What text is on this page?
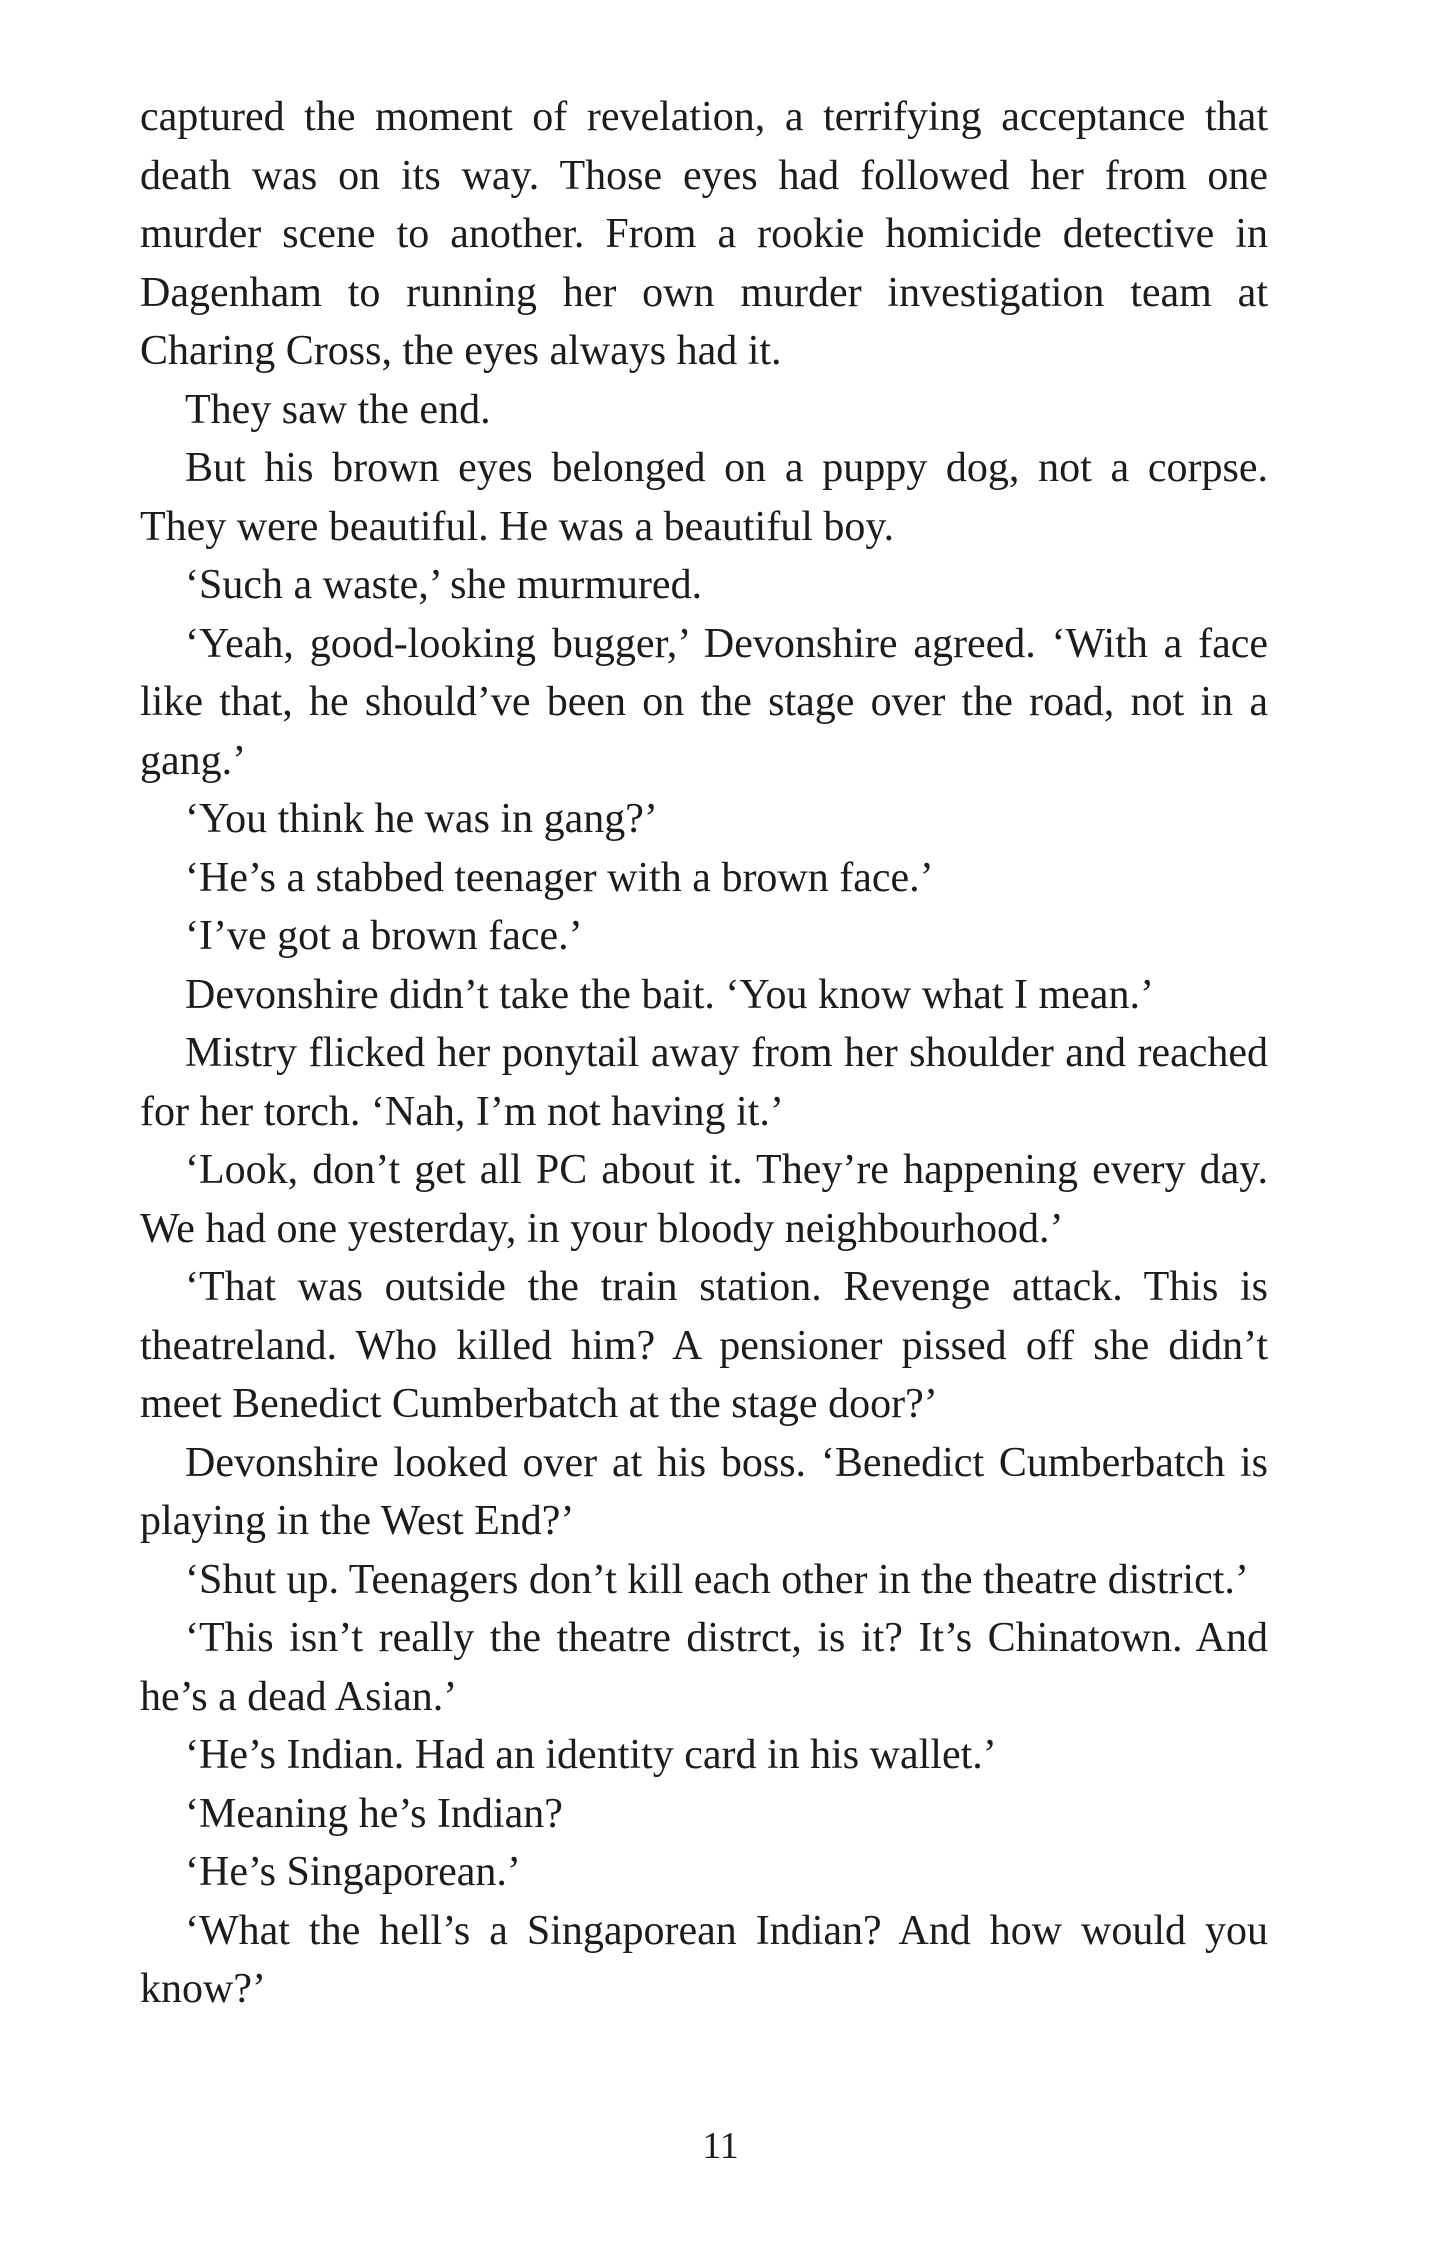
captured the moment of revelation, a terrifying acceptance that death was on its way. Those eyes had followed her from one murder scene to another. From a rookie homicide detective in Dagenham to running her own murder investigation team at Charing Cross, the eyes always had it.

They saw the end.

But his brown eyes belonged on a puppy dog, not a corpse. They were beautiful. He was a beautiful boy.

‘Such a waste,’ she murmured.

‘Yeah, good-looking bugger,’ Devonshire agreed. ‘With a face like that, he should’ve been on the stage over the road, not in a gang.’

‘You think he was in gang?’

‘He’s a stabbed teenager with a brown face.’

‘I’ve got a brown face.’

Devonshire didn’t take the bait. ‘You know what I mean.’

Mistry flicked her ponytail away from her shoulder and reached for her torch. ‘Nah, I’m not having it.’

‘Look, don’t get all PC about it. They’re happening every day. We had one yesterday, in your bloody neighbourhood.’

‘That was outside the train station. Revenge attack. This is theatreland. Who killed him? A pensioner pissed off she didn’t meet Benedict Cumberbatch at the stage door?’

Devonshire looked over at his boss. ‘Benedict Cumberbatch is playing in the West End?’

‘Shut up. Teenagers don’t kill each other in the theatre district.’

‘This isn’t really the theatre distrct, is it? It’s Chinatown. And he’s a dead Asian.’

‘He’s Indian. Had an identity card in his wallet.’

‘Meaning he’s Indian?

‘He’s Singaporean.’

‘What the hell’s a Singaporean Indian? And how would you know?’

11
